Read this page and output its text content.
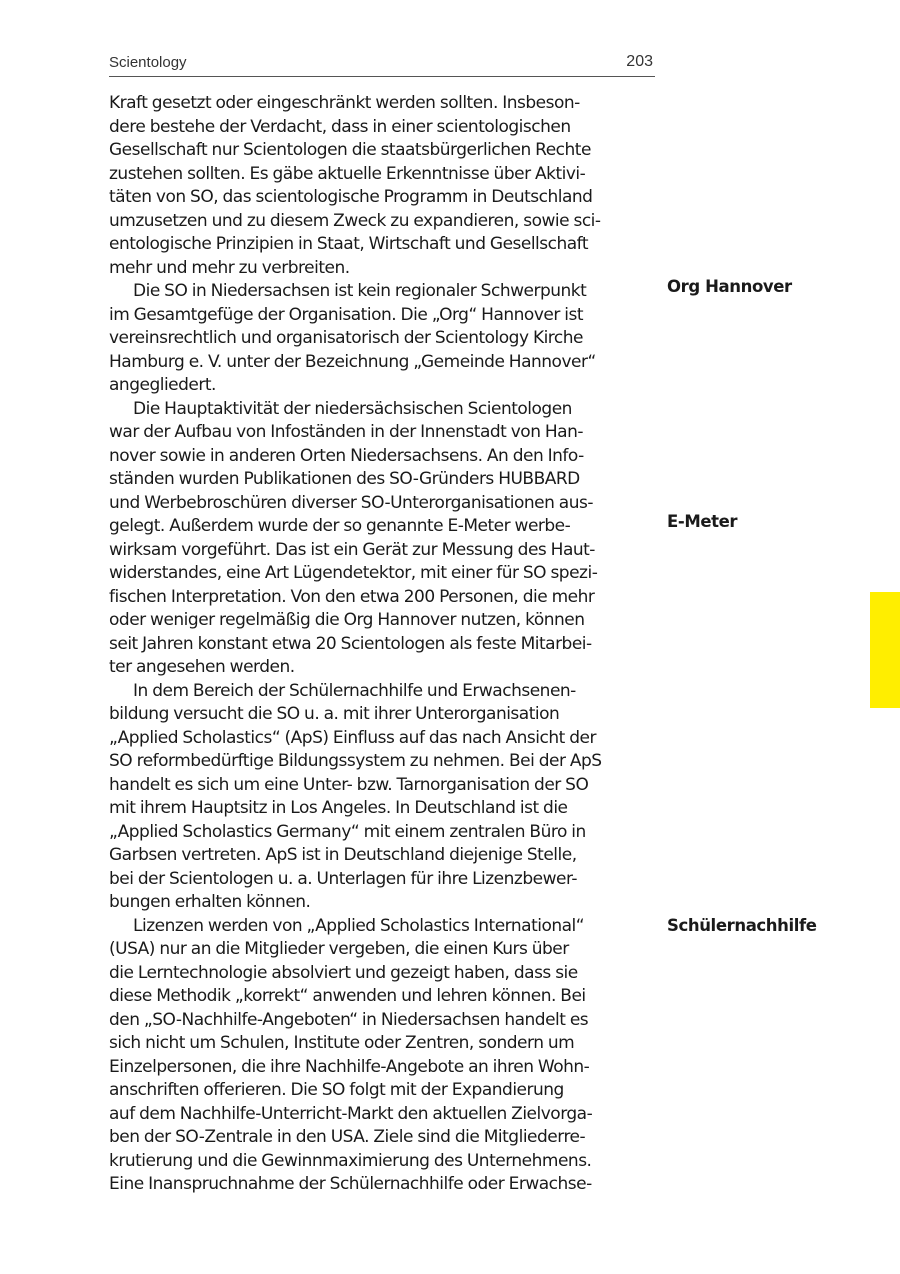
Scientology	203
Kraft gesetzt oder eingeschränkt werden sollten. Insbeson-
dere bestehe der Verdacht, dass in einer scientologischen
Gesellschaft nur Scientologen die staatsbürgerlichen Rechte
zustehen sollten. Es gäbe aktuelle Erkenntnisse über Aktivi-
täten von SO, das scientologische Programm in Deutschland
umzusetzen und zu diesem Zweck zu expandieren, sowie sci-
entologische Prinzipien in Staat, Wirtschaft und Gesellschaft
mehr und mehr zu verbreiten.
Die SO in Niedersachsen ist kein regionaler Schwerpunkt
im Gesamtgefüge der Organisation. Die „Org“ Hannover ist
vereinsrechtlich und organisatorisch der Scientology Kirche
Hamburg e. V. unter der Bezeichnung „Gemeinde Hannover“
angegliedert.
Die Hauptaktivität der niedersächsischen Scientologen
war der Aufbau von Infoständen in der Innenstadt von Han-
nover sowie in anderen Orten Niedersachsens. An den Info-
ständen wurden Publikationen des SO-Gründers HUBBARD
und Werbebroschüren diverser SO-Unterorganisationen aus-
gelegt. Außerdem wurde der so genannte E-Meter werbe-
wirksam vorgeführt. Das ist ein Gerät zur Messung des Haut-
widerstandes, eine Art Lügendetektor, mit einer für SO spezi-
fischen Interpretation. Von den etwa 200 Personen, die mehr
oder weniger regelmäßig die Org Hannover nutzen, können
seit Jahren konstant etwa 20 Scientologen als feste Mitarbei-
ter angesehen werden.
In dem Bereich der Schülernachhilfe und Erwachsenen-
bildung versucht die SO u. a. mit ihrer Unterorganisation
„Applied Scholastics“ (ApS) Einfluss auf das nach Ansicht der
SO reformbedürftige Bildungssystem zu nehmen. Bei der ApS
handelt es sich um eine Unter- bzw. Tarnorganisation der SO
mit ihrem Hauptsitz in Los Angeles. In Deutschland ist die
„Applied Scholastics Germany“ mit einem zentralen Büro in
Garbsen vertreten. ApS ist in Deutschland diejenige Stelle,
bei der Scientologen u. a. Unterlagen für ihre Lizenzbewer-
bungen erhalten können.
Lizenzen werden von „Applied Scholastics International“
(USA) nur an die Mitglieder vergeben, die einen Kurs über
die Lerntechnologie absolviert und gezeigt haben, dass sie
diese Methodik „korrekt“ anwenden und lehren können. Bei
den „SO-Nachhilfe-Angeboten“ in Niedersachsen handelt es
sich nicht um Schulen, Institute oder Zentren, sondern um
Einzelpersonen, die ihre Nachhilfe-Angebote an ihren Wohn-
anschriften offerieren. Die SO folgt mit der Expandierung
auf dem Nachhilfe-Unterricht-Markt den aktuellen Zielvorga-
ben der SO-Zentrale in den USA. Ziele sind die Mitgliederre-
krutierung und die Gewinnmaximierung des Unternehmens.
Eine Inanspruchnahme der Schülernachhilfe oder Erwachse-
Org Hannover
E-Meter
Schülernachhilfe
